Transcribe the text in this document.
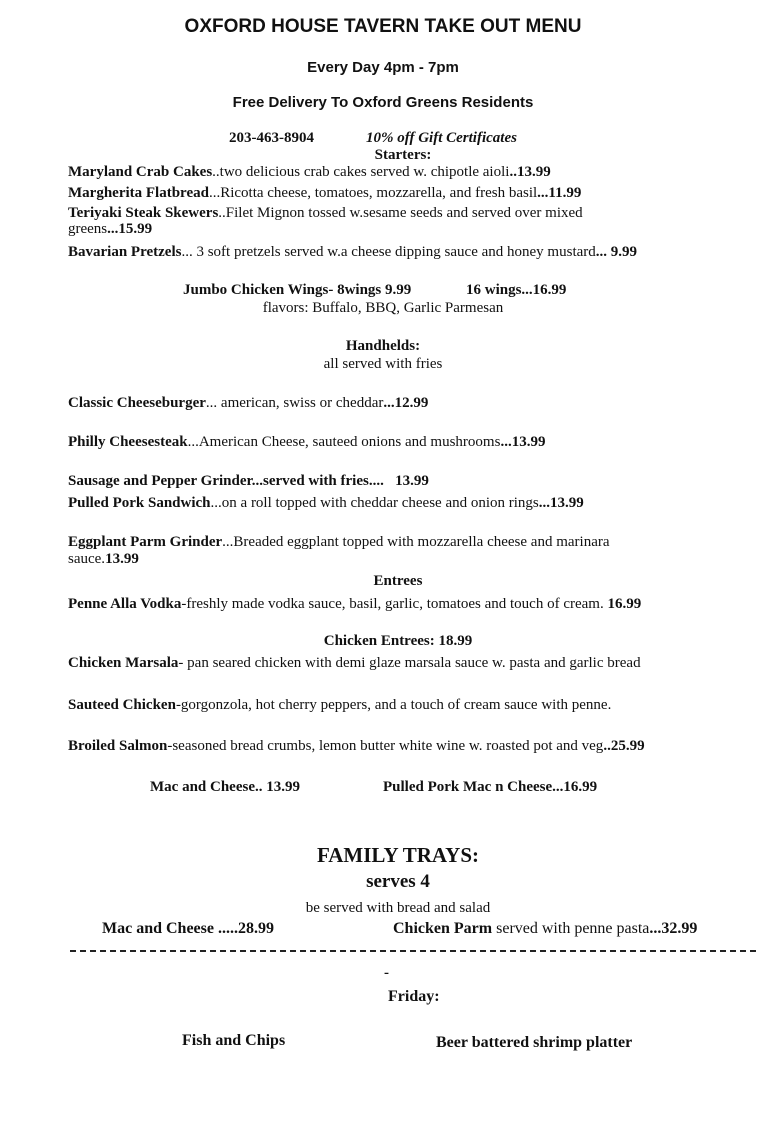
OXFORD HOUSE TAVERN TAKE OUT MENU
Every Day 4pm - 7pm
Free Delivery To Oxford Greens Residents
203-463-8904	10% off Gift Certificates
Starters:
Maryland Crab Cakes..two delicious crab cakes served w. chipotle aioli..13.99
Margherita Flatbread...Ricotta cheese, tomatoes, mozzarella, and fresh basil...11.99
Teriyaki Steak Skewers..Filet Mignon tossed w.sesame seeds and served over mixed
greens...15.99
Bavarian Pretzels... 3 soft pretzels served w.a cheese dipping sauce and honey mustard... 9.99
Jumbo Chicken Wings- 8wings 9.99	16 wings...16.99
flavors: Buffalo, BBQ, Garlic Parmesan
Handhelds:
all served with fries
Classic Cheeseburger... american, swiss or cheddar...12.99
Philly Cheesesteak...American Cheese, sauteed onions and mushrooms...13.99
Sausage and Pepper Grinder...served with fries.... 13.99
Pulled Pork Sandwich...on a roll topped with cheddar cheese and onion rings...13.99
Eggplant Parm Grinder...Breaded eggplant topped with mozzarella cheese and marinara
sauce.13.99
Entrees
Penne Alla Vodka-freshly made vodka sauce, basil, garlic, tomatoes and touch of cream. 16.99
Chicken Entrees: 18.99
Chicken Marsala- pan seared chicken with demi glaze marsala sauce w. pasta and garlic bread
Sauteed Chicken-gorgonzola, hot cherry peppers, and a touch of cream sauce with penne.
Broiled Salmon-seasoned bread crumbs, lemon butter white wine w. roasted pot and veg..25.99
Mac and Cheese.. 13.99	Pulled Pork Mac n Cheese...16.99
FAMILY TRAYS:
serves 4
be served with bread and salad
Mac and Cheese .....28.99	Chicken Parm served with penne pasta...32.99
-
Friday:
Fish and Chips	Beer battered shrimp platter
